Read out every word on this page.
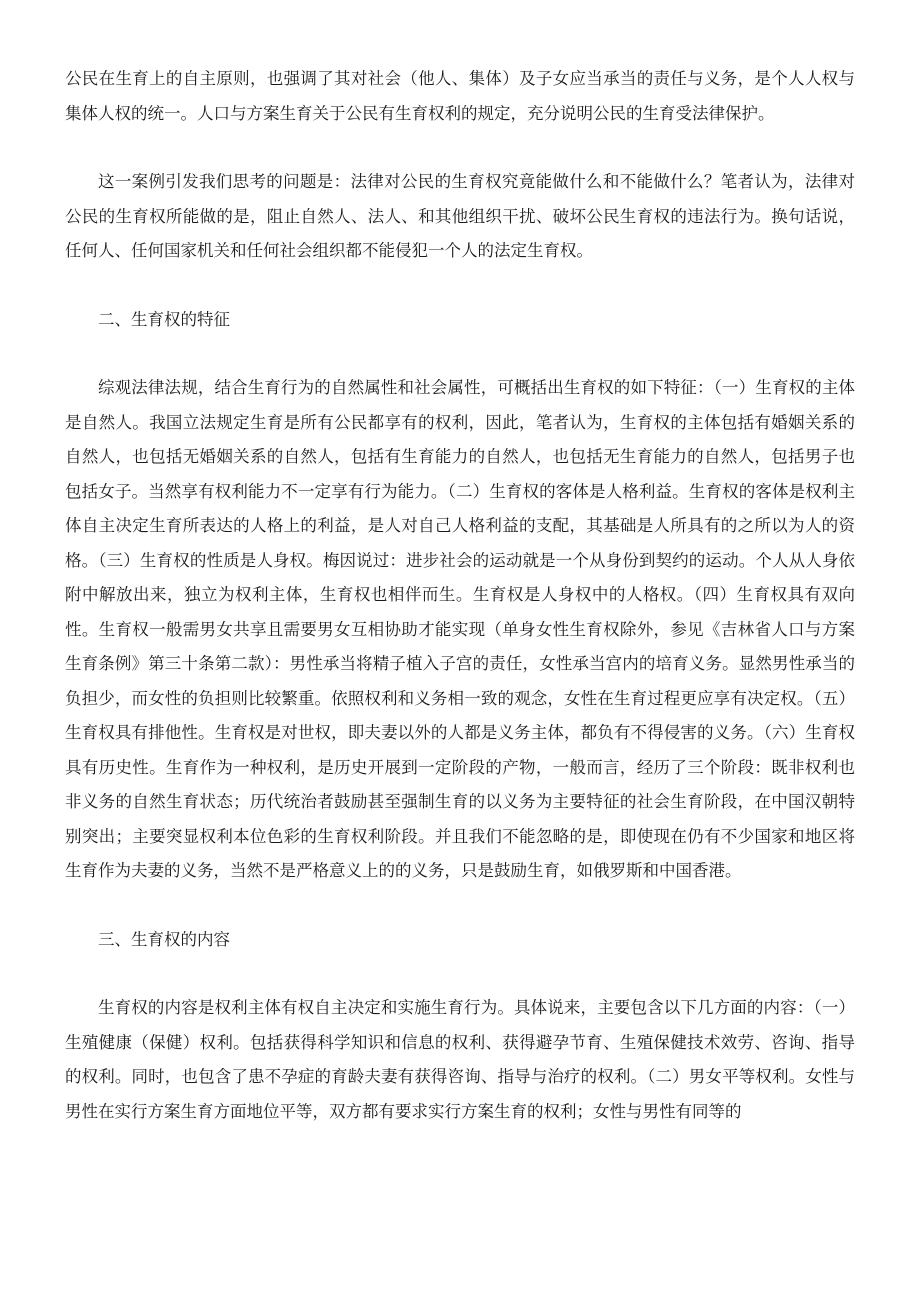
公民在生育上的自主原则，也强调了其对社会（他人、集体）及子女应当承当的责任与义务，是个人人权与集体人权的统一。人口与方案生育关于公民有生育权利的规定，充分说明公民的生育受法律保护。

这一案例引发我们思考的问题是：法律对公民的生育权究竟能做什么和不能做什么？笔者认为，法律对公民的生育权所能做的是，阻止自然人、法人、和其他组织干扰、破坏公民生育权的违法行为。换句话说，任何人、任何国家机关和任何社会组织都不能侵犯一个人的法定生育权。

二、生育权的特征

综观法律法规，结合生育行为的自然属性和社会属性，可概括出生育权的如下特征：（一）生育权的主体是自然人。我国立法规定生育是所有公民都享有的权利，因此，笔者认为，生育权的主体包括有婚姻关系的自然人，也包括无婚姻关系的自然人，包括有生育能力的自然人，也包括无生育能力的自然人，包括男子也包括女子。当然享有权利能力不一定享有行为能力。（二）生育权的客体是人格利益。生育权的客体是权利主体自主决定生育所表达的人格上的利益，是人对自己人格利益的支配，其基础是人所具有的之所以为人的资格。（三）生育权的性质是人身权。梅因说过：进步社会的运动就是一个从身份到契约的运动。个人从人身依附中解放出来，独立为权利主体，生育权也相伴而生。生育权是人身权中的人格权。（四）生育权具有双向性。生育权一般需男女共享且需要男女互相协助才能实现（单身女性生育权除外，参见《吉林省人口与方案生育条例》第三十条第二款）：男性承当将精子植入子宫的责任，女性承当宫内的培育义务。显然男性承当的负担少，而女性的负担则比较繁重。依照权利和义务相一致的观念，女性在生育过程更应享有决定权。（五）生育权具有排他性。生育权是对世权，即夫妻以外的人都是义务主体，都负有不得侵害的义务。（六）生育权具有历史性。生育作为一种权利，是历史开展到一定阶段的产物，一般而言，经历了三个阶段：既非权利也非义务的自然生育状态；历代统治者鼓励甚至强制生育的以义务为主要特征的社会生育阶段，在中国汉朝特别突出；主要突显权利本位色彩的生育权利阶段。并且我们不能忽略的是，即使现在仍有不少国家和地区将生育作为夫妻的义务，当然不是严格意义上的的义务，只是鼓励生育，如俄罗斯和中国香港。

三、生育权的内容

生育权的内容是权利主体有权自主决定和实施生育行为。具体说来，主要包含以下几方面的内容：（一）生殖健康（保健）权利。包括获得科学知识和信息的权利、获得避孕节育、生殖保健技术效劳、咨询、指导的权利。同时，也包含了患不孕症的育龄夫妻有获得咨询、指导与治疗的权利。（二）男女平等权利。女性与男性在实行方案生育方面地位平等，双方都有要求实行方案生育的权利；女性与男性有同等的
